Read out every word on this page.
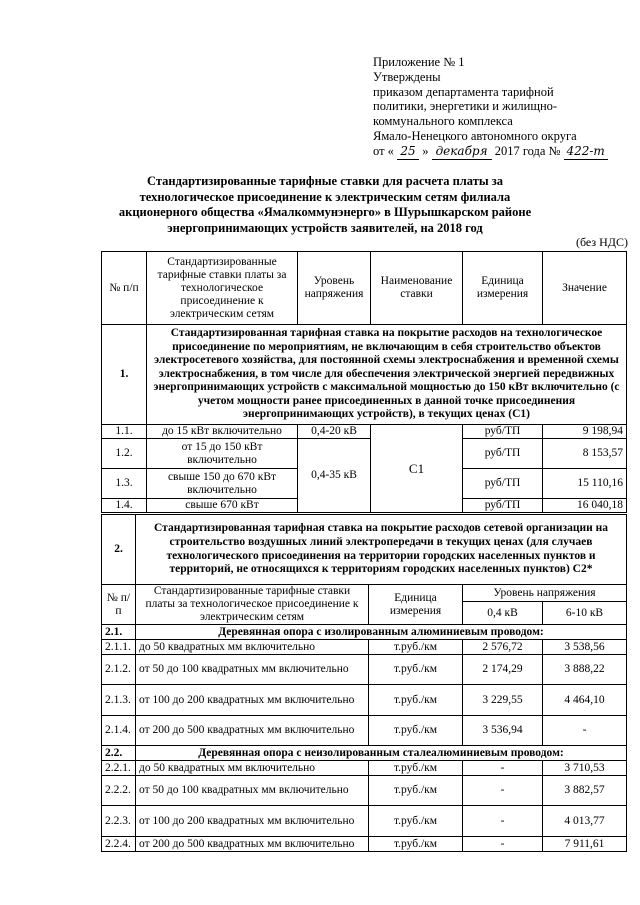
Приложение № 1
Утверждены
приказом департамента тарифной
политики, энергетики и жилищно-
коммунального комплекса
Ямало-Ненецкого автономного округа
от « 25 » декабря 2017 года № 422-т
Стандартизированные тарифные ставки для расчета платы за технологическое присоединение к электрическим сетям филиала акционерного общества «Ямалкоммунэнерго» в Шурышкарском районе энергопринимающих устройств заявителей, на 2018 год
(без НДС)
№ п/п	Стандартизированные тарифные ставки платы за технологическое присоединение к электрическим сетям	Уровень напряжения	Наименование ставки	Единица измерения	Значение
1.	Стандартизированная тарифная ставка на покрытие расходов на технологическое присоединение по мероприятиям, не включающим в себя строительство объектов электросетевого хозяйства, для постоянной схемы электроснабжения и временной схемы электроснабжения, в том числе для обеспечения электрической энергией передвижных энергопринимающих устройств с максимальной мощностью до 150 кВт включительно (с учетом мощности ранее присоединенных в данной точке присоединения энергопринимающих устройств), в текущих ценах (С1)				
1.1.	до 15 кВт включительно	0,4-20 кВ	С1	руб/ТП	9 198,94
1.2.	от 15 до 150 кВт включительно	0,4-35 кВ		руб/ТП	8 153,57
1.3.	свыше 150 до 670 кВт включительно			руб/ТП	15 110,16
1.4.	свыше 670 кВт			руб/ТП	16 040,18
2.	Стандартизированная тарифная ставка на покрытие расходов сетевой организации на строительство воздушных линий электропередачи в текущих ценах (для случаев технологического присоединения на территории городских населенных пунктов и территорий, не относящихся к территориям городских населенных пунктов) С2*			
№ п/п	Стандартизированные тарифные ставки платы за технологическое присоединение к электрическим сетям	Единица измерения	Уровень напряжения	
			0,4 кВ	6-10 кВ
2.1.	Деревянная опора с изолированным алюминиевым проводом:			
2.1.1.	до 50 квадратных мм включительно	т.руб./км	2 576,72	3 538,56
2.1.2.	от 50 до 100 квадратных мм включительно	т.руб./км	2 174,29	3 888,22
2.1.3.	от 100 до 200 квадратных мм включительно	т.руб./км	3 229,55	4 464,10
2.1.4.	от 200 до 500 квадратных мм включительно	т.руб./км	3 536,94	-
2.2.	Деревянная опора с неизолированным сталеалюминиевым проводом:			
2.2.1.	до 50 квадратных мм включительно	т.руб./км	-	3 710,53
2.2.2.	от 50 до 100 квадратных мм включительно	т.руб./км	-	3 882,57
2.2.3.	от 100 до 200 квадратных мм включительно	т.руб./км	-	4 013,77
2.2.4.	от 200 до 500 квадратных мм включительно	т.руб./км	-	7 911,61
